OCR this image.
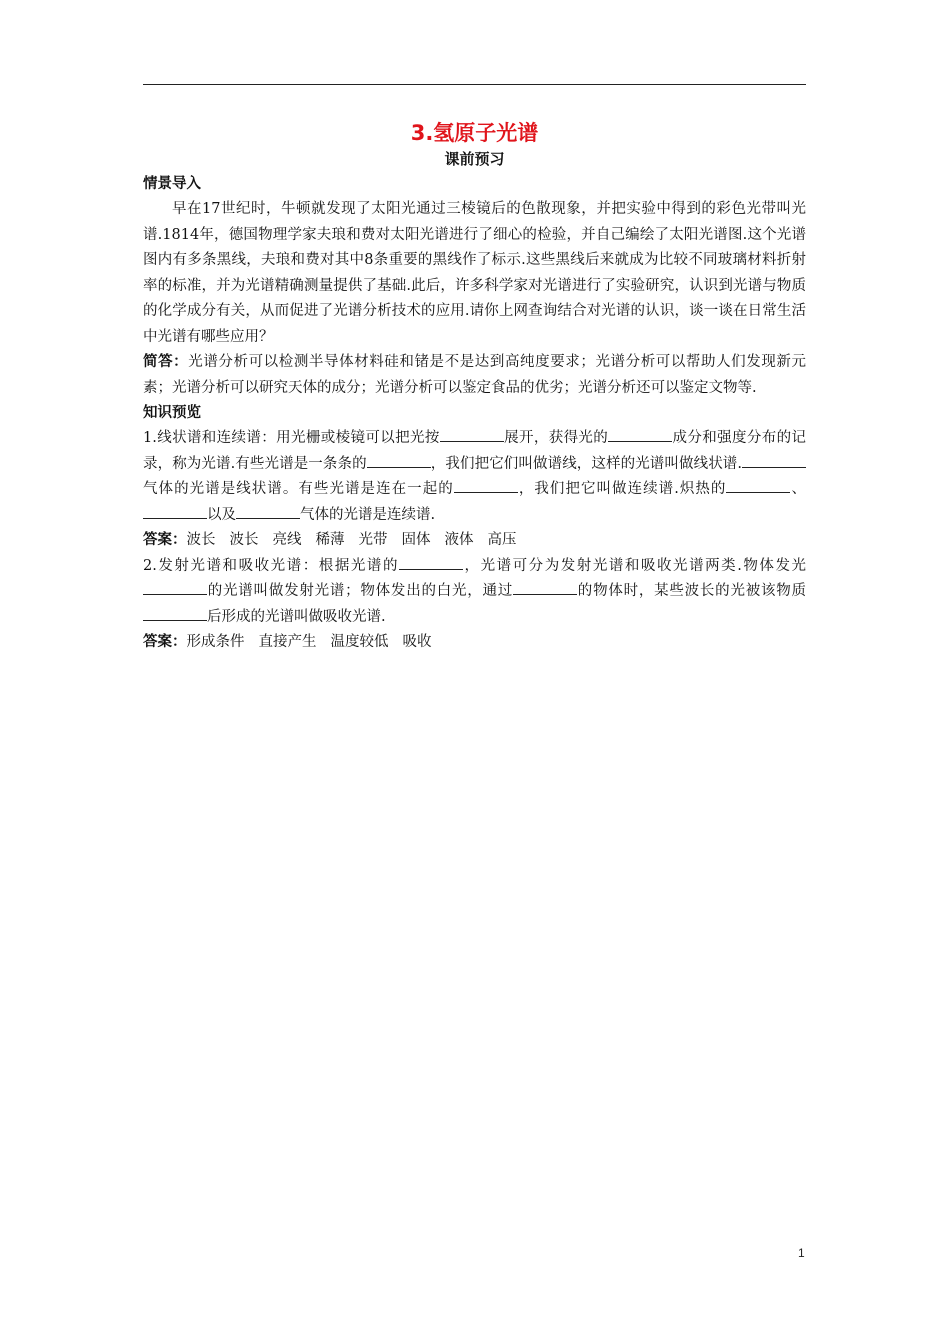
3.氢原子光谱
课前预习
情景导入

早在17世纪时，牛顿就发现了太阳光通过三棱镜后的色散现象，并把实验中得到的彩色光带叫光谱.1814年，德国物理学家夫琅和费对太阳光谱进行了细心的检验，并自己编绘了太阳光谱图.这个光谱图内有多条黑线，夫琅和费对其中8条重要的黑线作了标示.这些黑线后来就成为比较不同玻璃材料折射率的标准，并为光谱精确测量提供了基础.此后，许多科学家对光谱进行了实验研究，认识到光谱与物质的化学成分有关，从而促进了光谱分析技术的应用.请你上网查询结合对光谱的认识，谈一谈在日常生活中光谱有哪些应用？

简答：光谱分析可以检测半导体材料硅和锗是不是达到高纯度要求；光谱分析可以帮助人们发现新元素；光谱分析可以研究天体的成分；光谱分析可以鉴定食品的优劣；光谱分析还可以鉴定文物等.

知识预览

1.线状谱和连续谱：用光栅或棱镜可以把光按	展开，获得光的	成分和强度分布的记录，称为光谱.有些光谱是一条条的	，我们把它们叫做谱线，这样的光谱叫做线状谱.气体的光谱是线状谱。有些光谱是连在一起的	，我们把它叫做连续谱.炽热的	、以及	气体的光谱是连续谱.

答案：波长 波长 亮线 稀薄 光带 固体 液体 高压

2.发射光谱和吸收光谱：根据光谱的	，光谱可分为发射光谱和吸收光谱两类.物体发光的光谱叫做发射光谱；物体发出的白光，通过	的物体时，某些波长的光被该物质后形成的光谱叫做吸收光谱.

答案：形成条件 直接产生 温度较低 吸收
1
